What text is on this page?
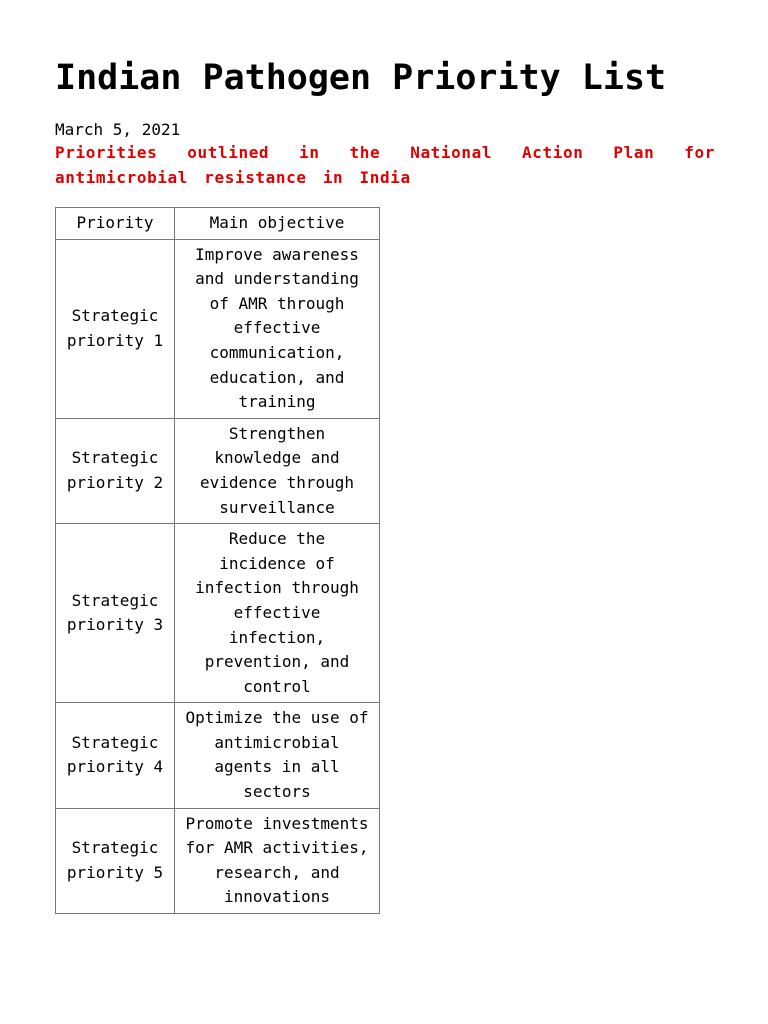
Indian Pathogen Priority List
March 5, 2021
Priorities outlined in the National Action Plan for antimicrobial resistance in India
Priority	Main objective
Strategic priority 1	Improve awareness and understanding of AMR through effective communication, education, and training
Strategic priority 2	Strengthen knowledge and evidence through surveillance
Strategic priority 3	Reduce the incidence of infection through effective infection, prevention, and control
Strategic priority 4	Optimize the use of antimicrobial agents in all sectors
Strategic priority 5	Promote investments for AMR activities, research, and innovations
